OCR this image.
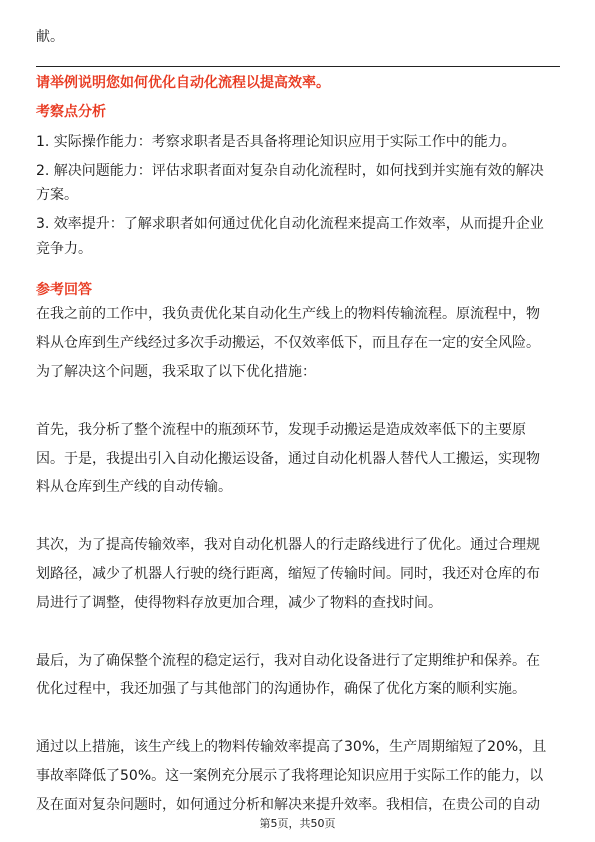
献。
请举例说明您如何优化自动化流程以提高效率。
考察点分析
1. 实际操作能力：考察求职者是否具备将理论知识应用于实际工作中的能力。
2. 解决问题能力：评估求职者面对复杂自动化流程时，如何找到并实施有效的解决
方案。
3. 效率提升：了解求职者如何通过优化自动化流程来提高工作效率，从而提升企业
竞争力。
参考回答
在我之前的工作中，我负责优化某自动化生产线上的物料传输流程。原流程中，物
料从仓库到生产线经过多次手动搬运，不仅效率低下，而且存在一定的安全风险。
为了解决这个问题，我采取了以下优化措施：
首先，我分析了整个流程中的瓶颈环节，发现手动搬运是造成效率低下的主要原
因。于是，我提出引入自动化搬运设备，通过自动化机器人替代人工搬运，实现物
料从仓库到生产线的自动传输。
其次，为了提高传输效率，我对自动化机器人的行走路线进行了优化。通过合理规
划路径，减少了机器人行驶的绕行距离，缩短了传输时间。同时，我还对仓库的布
局进行了调整，使得物料存放更加合理，减少了物料的查找时间。
最后，为了确保整个流程的稳定运行，我对自动化设备进行了定期维护和保养。在
优化过程中，我还加强了与其他部门的沟通协作，确保了优化方案的顺利实施。
通过以上措施，该生产线上的物料传输效率提高了30%，生产周期缩短了20%，且
事故率降低了50%。这一案例充分展示了我将理论知识应用于实际工作的能力，以
及在面对复杂问题时，如何通过分析和解决来提升效率。我相信，在贵公司的自动
第5页，共50页
